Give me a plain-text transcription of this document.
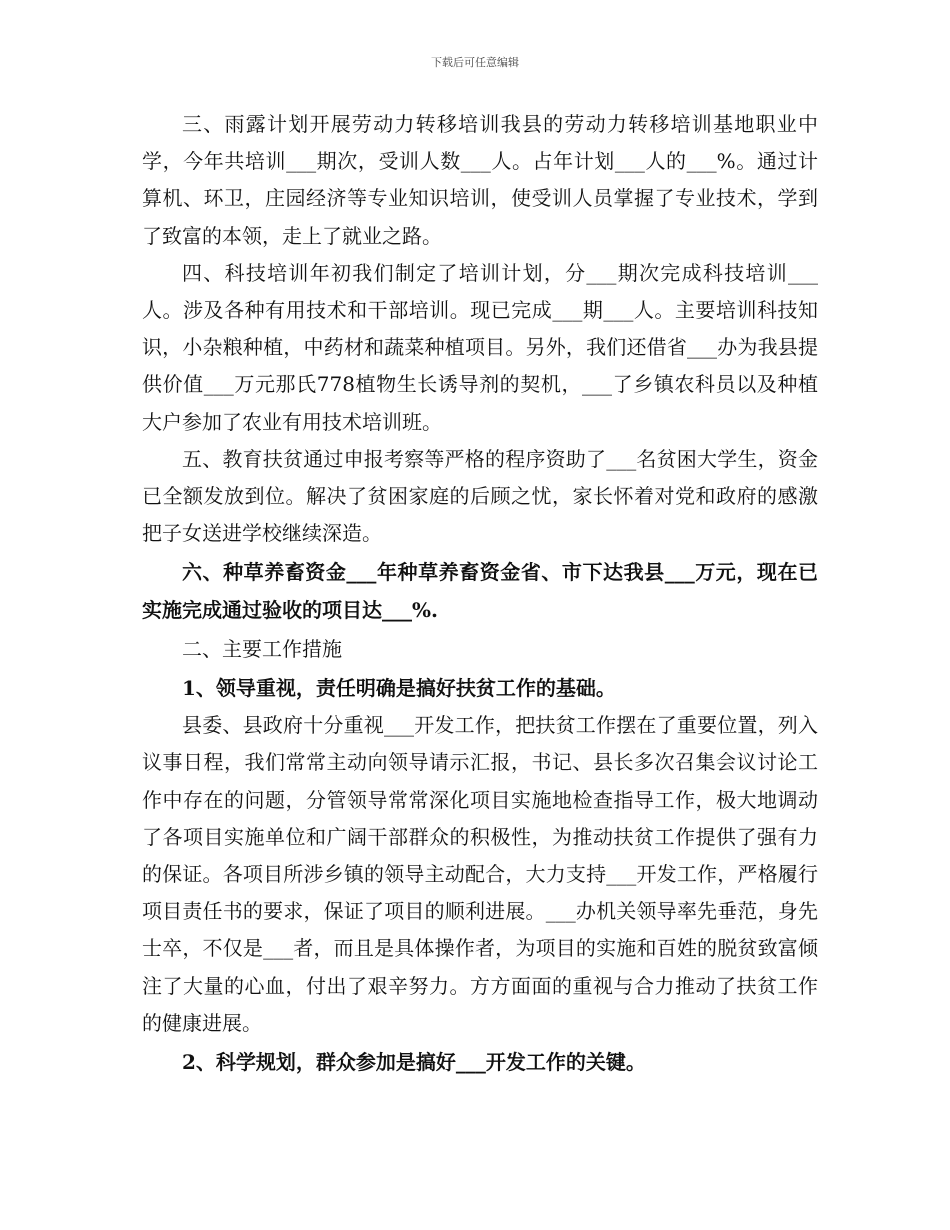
下载后可任意编辑

三、雨露计划开展劳动力转移培训我县的劳动力转移培训基地职业中学，今年共培训___期次，受训人数___人。占年计划___人的___%。通过计算机、环卫，庄园经济等专业知识培训，使受训人员掌握了专业技术，学到了致富的本领，走上了就业之路。

四、科技培训年初我们制定了培训计划，分___期次完成科技培训___人。涉及各种有用技术和干部培训。现已完成___期___人。主要培训科技知识，小杂粮种植，中药材和蔬菜种植项目。另外，我们还借省___办为我县提供价值___万元那氏778植物生长诱导剂的契机，___了乡镇农科员以及种植大户参加了农业有用技术培训班。

五、教育扶贫通过申报考察等严格的程序资助了___名贫困大学生，资金已全额发放到位。解决了贫困家庭的后顾之忧，家长怀着对党和政府的感激把子女送进学校继续深造。

六、种草养畜资金___年种草养畜资金省、市下达我县___万元，现在已实施完成通过验收的项目达___%.

二、主要工作措施

1、领导重视，责任明确是搞好扶贫工作的基础。

县委、县政府十分重视___开发工作，把扶贫工作摆在了重要位置，列入议事日程，我们常常主动向领导请示汇报，书记、县长多次召集会议讨论工作中存在的问题，分管领导常常深化项目实施地检查指导工作，极大地调动了各项目实施单位和广阔干部群众的积极性，为推动扶贫工作提供了强有力的保证。各项目所涉乡镇的领导主动配合，大力支持___开发工作，严格履行项目责任书的要求，保证了项目的顺利进展。___办机关领导率先垂范，身先士卒，不仅是___者，而且是具体操作者，为项目的实施和百姓的脱贫致富倾注了大量的心血，付出了艰辛努力。方方面面的重视与合力推动了扶贫工作的健康进展。

2、科学规划，群众参加是搞好___开发工作的关键。
